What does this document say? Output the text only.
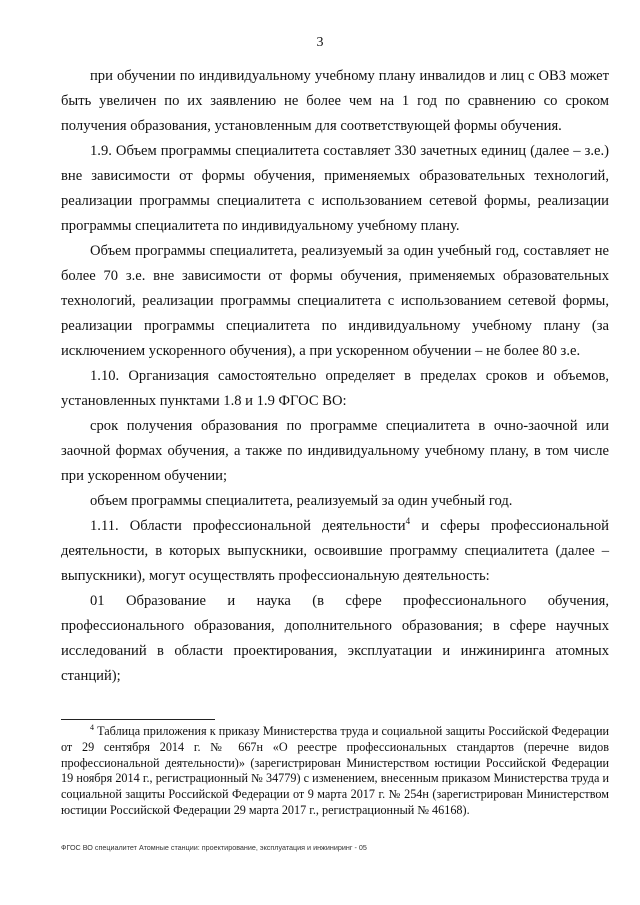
3

при обучении по индивидуальному учебному плану инвалидов и лиц с ОВЗ может быть увеличен по их заявлению не более чем на 1 год по сравнению со сроком получения образования, установленным для соответствующей формы обучения.

1.9. Объем программы специалитета составляет 330 зачетных единиц (далее – з.е.) вне зависимости от формы обучения, применяемых образовательных технологий, реализации программы специалитета с использованием сетевой формы, реализации программы специалитета по индивидуальному учебному плану.

Объем программы специалитета, реализуемый за один учебный год, составляет не более 70 з.е. вне зависимости от формы обучения, применяемых образовательных технологий, реализации программы специалитета с использованием сетевой формы, реализации программы специалитета по индивидуальному учебному плану (за исключением ускоренного обучения), а при ускоренном обучении – не более 80 з.е.

1.10. Организация самостоятельно определяет в пределах сроков и объемов, установленных пунктами 1.8 и 1.9 ФГОС ВО:

срок получения образования по программе специалитета в очно-заочной или заочной формах обучения, а также по индивидуальному учебному плану, в том числе при ускоренном обучении;

объем программы специалитета, реализуемый за один учебный год.

1.11. Области профессиональной деятельности$^4$ и сферы профессиональной деятельности, в которых выпускники, освоившие программу специалитета (далее – выпускники), могут осуществлять профессиональную деятельность:

01 Образование и наука (в сфере профессионального обучения, профессионального образования, дополнительного образования; в сфере научных исследований в области проектирования, эксплуатации и инжиниринга атомных станций);

$^4$ Таблица приложения к приказу Министерства труда и социальной защиты Российской Федерации от 29 сентября 2014 г. № 667н «О реестре профессиональных стандартов (перечне видов профессиональной деятельности)» (зарегистрирован Министерством юстиции Российской Федерации 19 ноября 2014 г., регистрационный № 34779) с изменением, внесенным приказом Министерства труда и социальной защиты Российской Федерации от 9 марта 2017 г. № 254н (зарегистрирован Министерством юстиции Российской Федерации 29 марта 2017 г., регистрационный № 46168).

ФГОС ВО специалитет Атомные станции: проектирование, эксплуатация и инжиниринг - 05
